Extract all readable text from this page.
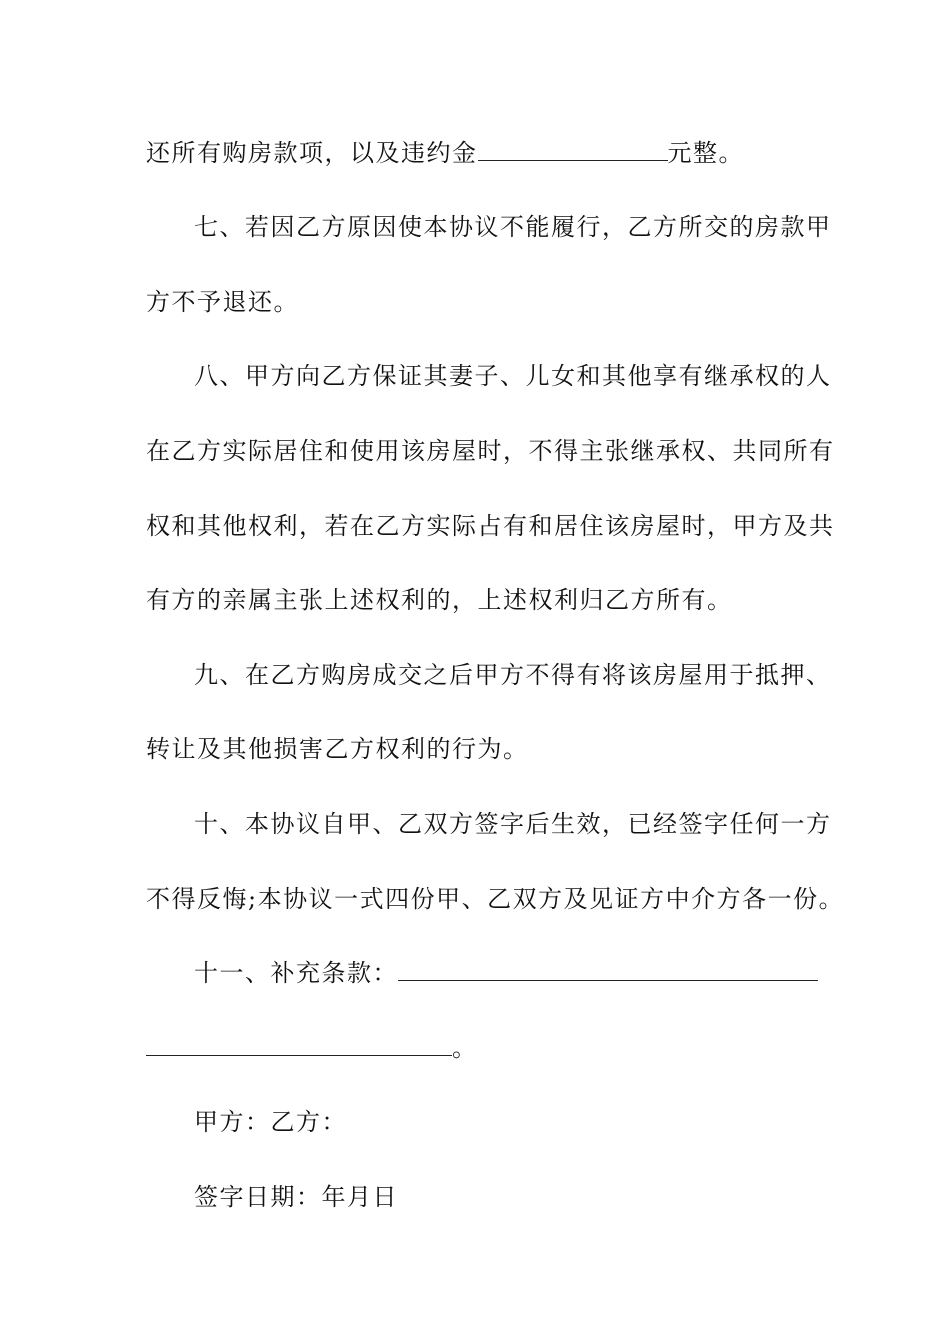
还所有购房款项，以及违约金	元整。
七、若因乙方原因使本协议不能履行，乙方所交的房款甲
方不予退还。
八、甲方向乙方保证其妻子、儿女和其他享有继承权的人
在乙方实际居住和使用该房屋时，不得主张继承权、共同所有
权和其他权利，若在乙方实际占有和居住该房屋时，甲方及共
有方的亲属主张上述权利的，上述权利归乙方所有。
九、在乙方购房成交之后甲方不得有将该房屋用于抵押、
转让及其他损害乙方权利的行为。
十、本协议自甲、乙双方签字后生效，已经签字任何一方
不得反悔;本协议一式四份甲、乙双方及见证方中介方各一份。
十一、补充条款：
。
甲方：乙方：
签字日期：年月日
